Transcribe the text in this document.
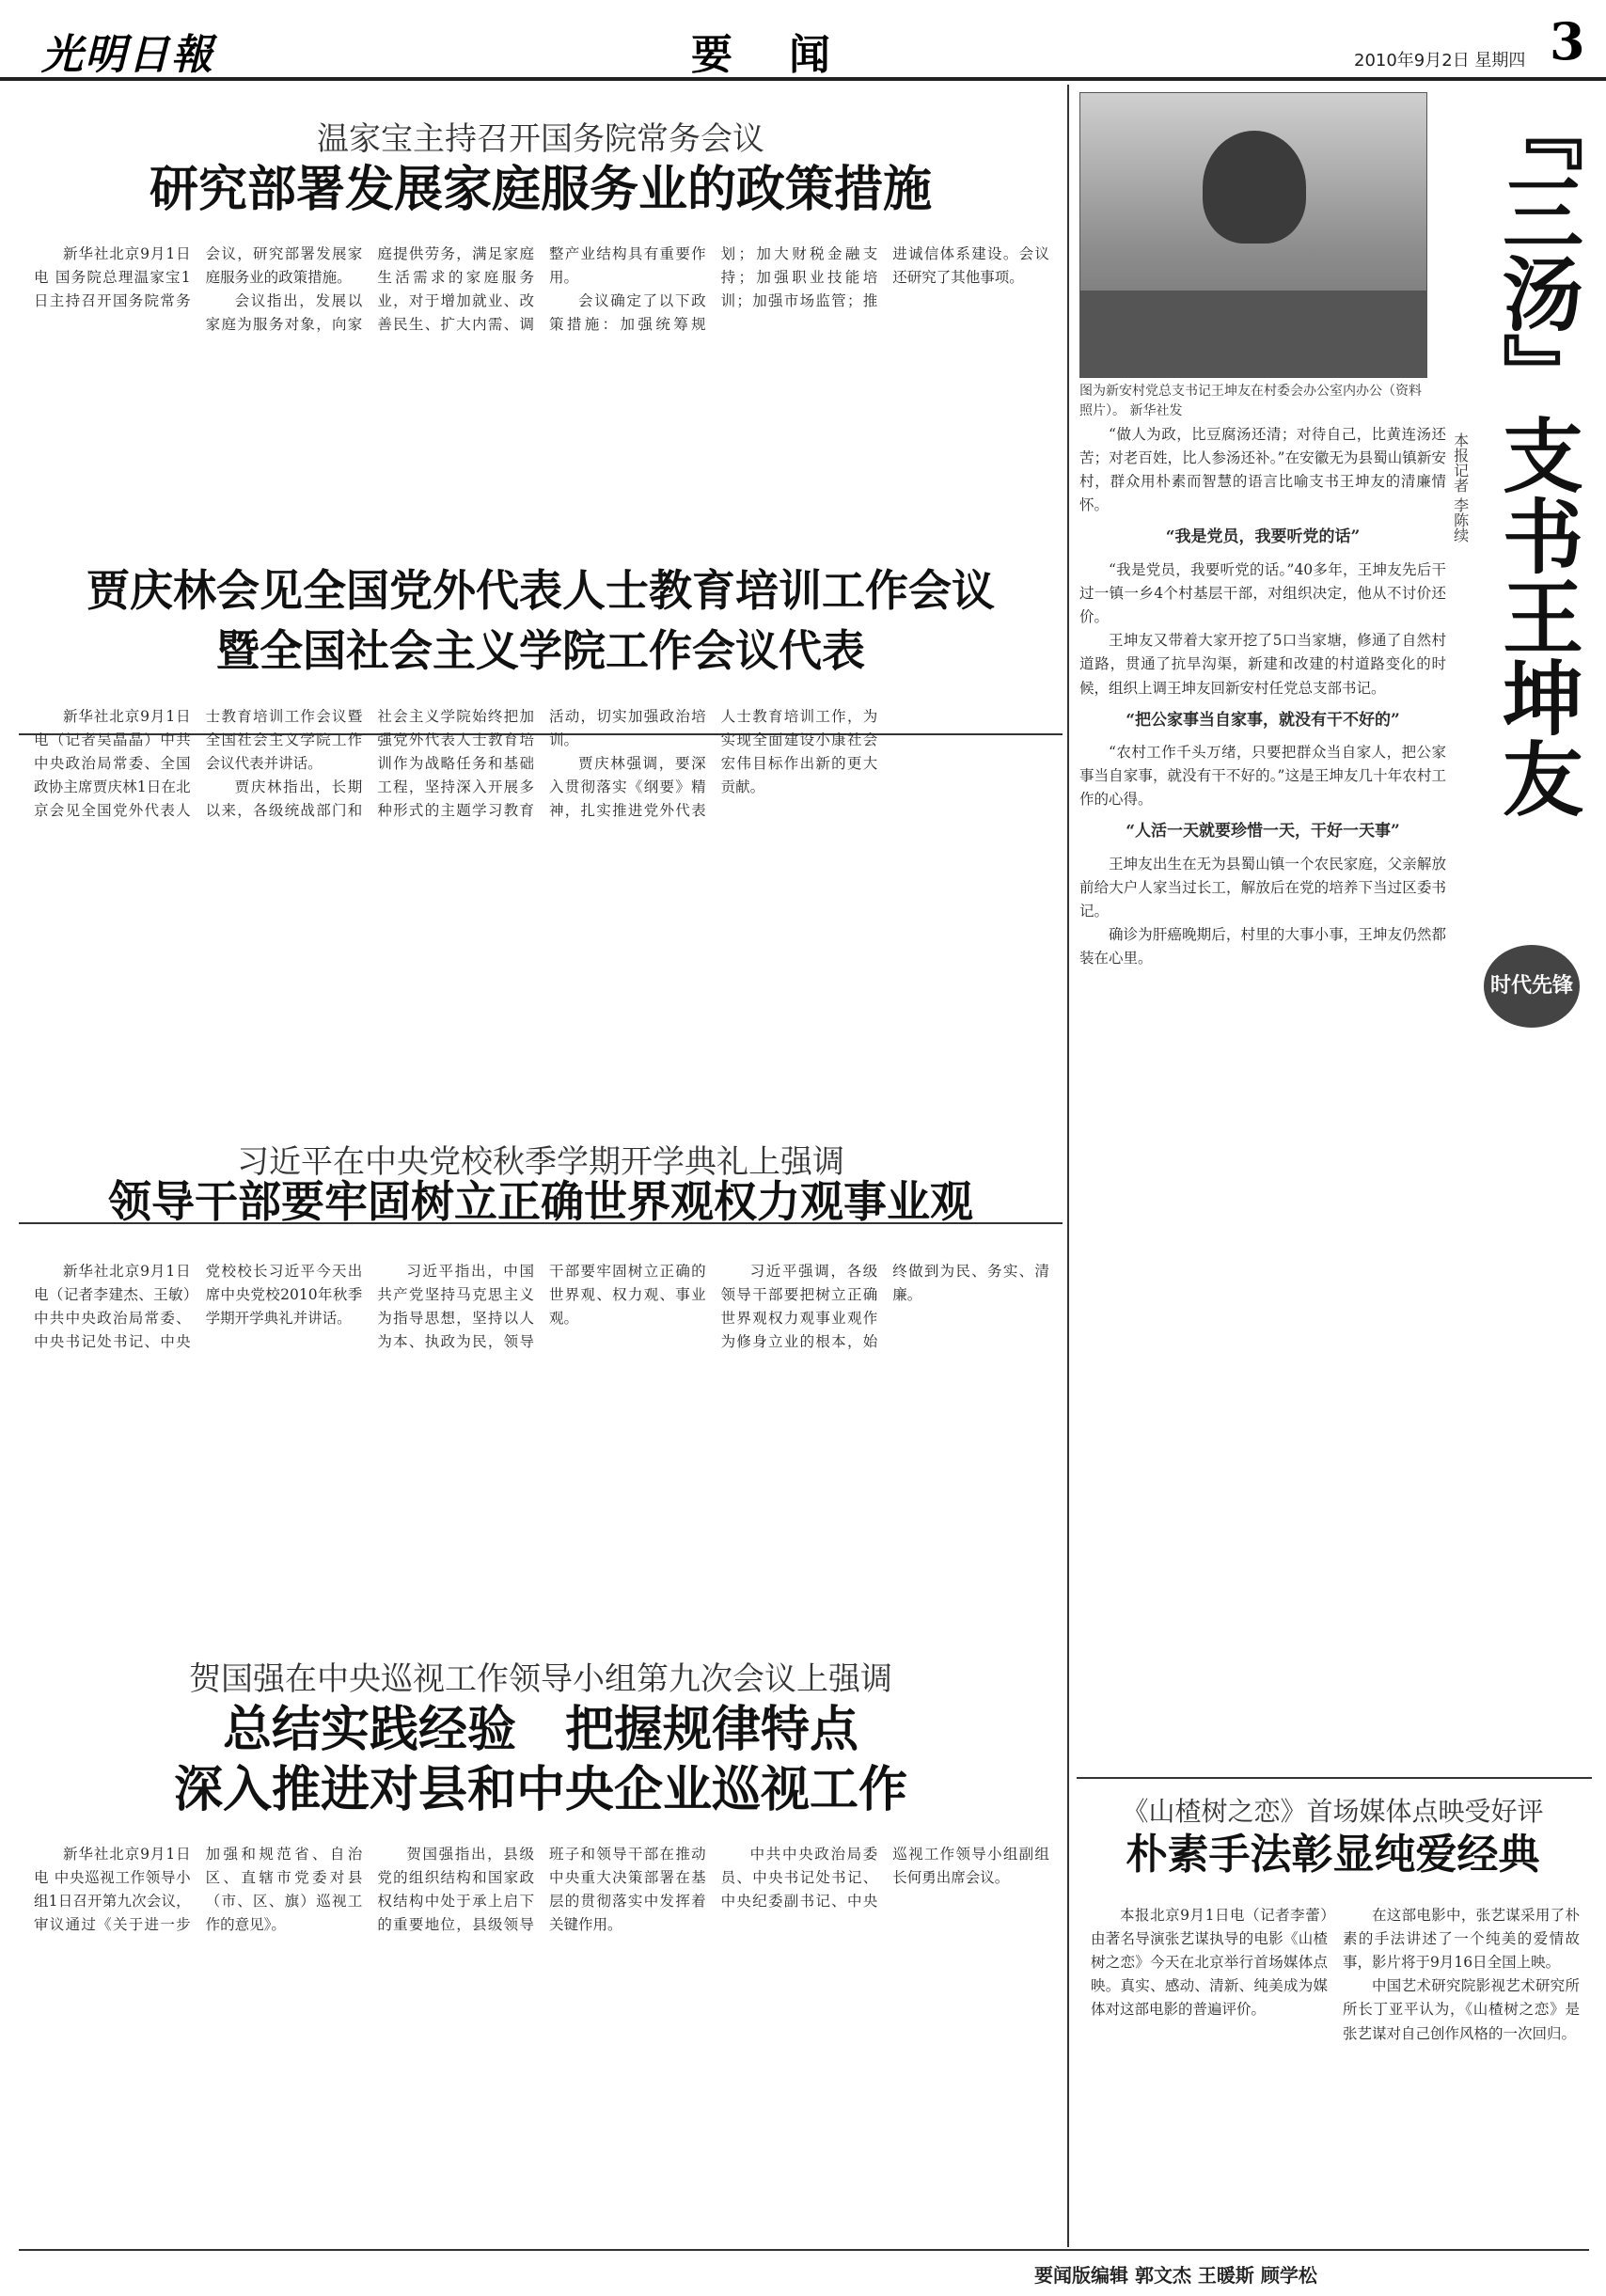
光明日報	要闻	2010年9月2日 星期四 3
温家宝主持召开国务院常务会议
研究部署发展家庭服务业的政策措施

新华社北京9月1日电 国务院总理温家宝1日主持召开国务院常务会议，研究部署发展家庭服务业的政策措施。

会议指出，发展以家庭为服务对象，向家庭提供劳务，满足家庭生活需求的家庭服务业，对于增加就业、改善民生、扩大内需、调整产业结构具有重要作用。

会议确定了以下政策措施：加强统筹规划；加大财税金融支持；加强职业技能培训；加强市场监管；推进诚信体系建设。会议还研究了其他事项。

贾庆林会见全国党外代表人士教育培训工作会议
暨全国社会主义学院工作会议代表

新华社北京9月1日电（记者吴晶晶）中共中央政治局常委、全国政协主席贾庆林1日在北京会见全国党外代表人士教育培训工作会议暨全国社会主义学院工作会议代表并讲话。

贾庆林指出，长期以来，各级统战部门和社会主义学院始终把加强党外代表人士教育培训作为战略任务和基础工程，坚持深入开展多种形式的主题学习教育活动，切实加强政治培训。

贾庆林强调，要深入贯彻落实《纲要》精神，扎实推进党外代表人士教育培训工作，为实现全面建设小康社会宏伟目标作出新的更大贡献。

习近平在中央党校秋季学期开学典礼上强调
领导干部要牢固树立正确世界观权力观事业观

新华社北京9月1日电（记者李建杰、王敏）中共中央政治局常委、中央书记处书记、中央党校校长习近平今天出席中央党校2010年秋季学期开学典礼并讲话。

习近平指出，中国共产党坚持马克思主义为指导思想，坚持以人为本、执政为民，领导干部要牢固树立正确的世界观、权力观、事业观。

习近平强调，各级领导干部要把树立正确世界观权力观事业观作为修身立业的根本，始终做到为民、务实、清廉。

贺国强在中央巡视工作领导小组第九次会议上强调
总结实践经验　把握规律特点
深入推进对县和中央企业巡视工作

新华社北京9月1日电 中央巡视工作领导小组1日召开第九次会议，审议通过《关于进一步加强和规范省、自治区、直辖市党委对县（市、区、旗）巡视工作的意见》。

贺国强指出，县级党的组织结构和国家政权结构中处于承上启下的重要地位，县级领导班子和领导干部在推动中央重大决策部署在基层的贯彻落实中发挥着关键作用。

中共中央政治局委员、中央书记处书记、中央纪委副书记、中央巡视工作领导小组副组长何勇出席会议。

图为新安村党总支书记王坤友在村委会办公室内办公（资料照片）。 新华社发	『三汤』支书王坤友
本报记者 李陈续
时代先锋

“做人为政，比豆腐汤还清；对待自己，比黄连汤还苦；对老百姓，比人参汤还补。”在安徽无为县蜀山镇新安村，群众用朴素而智慧的语言比喻支书王坤友的清廉情怀。

“我是党员，我要听党的话”

“我是党员，我要听党的话。”40多年，王坤友先后干过一镇一乡4个村基层干部，对组织决定，他从不讨价还价。

王坤友又带着大家开挖了5口当家塘，修通了自然村道路，贯通了抗旱沟渠，新建和改建的村道路变化的时候，组织上调王坤友回新安村任党总支部书记。

“把公家事当自家事，就没有干不好的”

“农村工作千头万绪，只要把群众当自家人，把公家事当自家事，就没有干不好的。”这是王坤友几十年农村工作的心得。

“人活一天就要珍惜一天，干好一天事”

王坤友出生在无为县蜀山镇一个农民家庭，父亲解放前给大户人家当过长工，解放后在党的培养下当过区委书记。

确诊为肝癌晚期后，村里的大事小事，王坤友仍然都装在心里。

《山楂树之恋》首场媒体点映受好评
朴素手法彰显纯爱经典

本报北京9月1日电（记者李蕾）由著名导演张艺谋执导的电影《山楂树之恋》今天在北京举行首场媒体点映。真实、感动、清新、纯美成为媒体对这部电影的普遍评价。

在这部电影中，张艺谋采用了朴素的手法讲述了一个纯美的爱情故事，影片将于9月16日全国上映。

中国艺术研究院影视艺术研究所所长丁亚平认为，《山楂树之恋》是张艺谋对自己创作风格的一次回归。

要闻版编辑 郭文杰 王暖斯 顾学松
